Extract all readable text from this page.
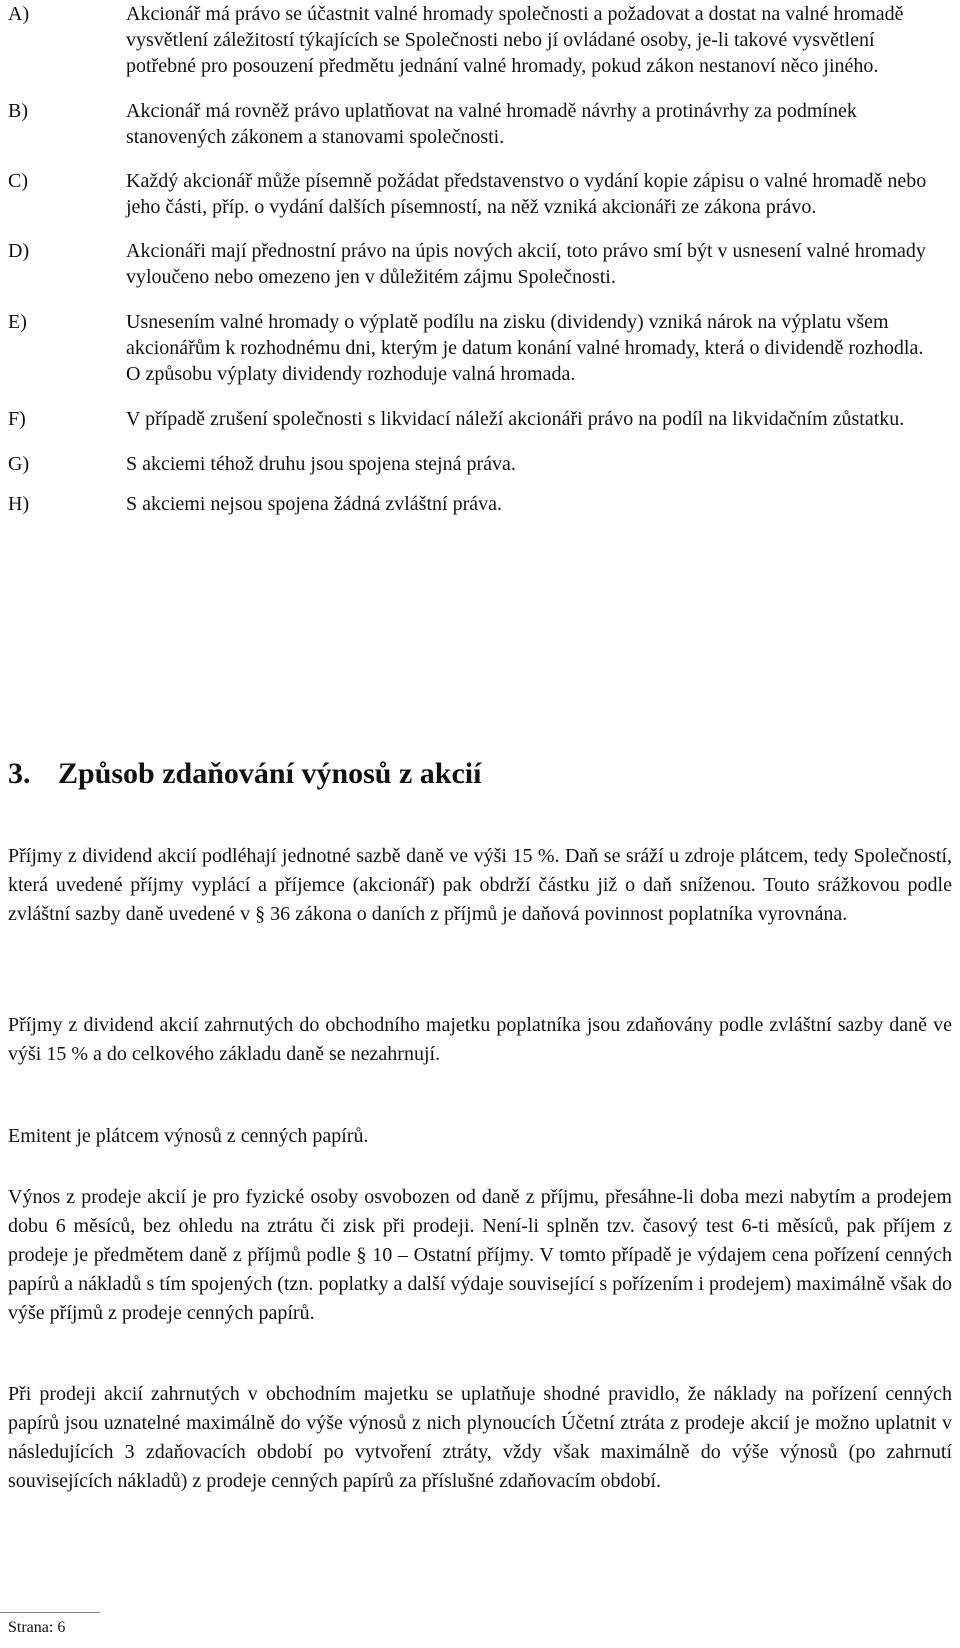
A)	Akcionář má právo se účastnit valné hromady společnosti a požadovat a dostat na valné hromadě vysvětlení záležitostí týkajících se Společnosti nebo jí ovládané osoby, je-li takové vysvětlení potřebné pro posouzení předmětu jednání valné hromady, pokud zákon nestanoví něco jiného.
B)	Akcionář má rovněž právo uplatňovat na valné hromadě návrhy a protinávrhy za podmínek stanovených zákonem a stanovami společnosti.
C)	Každý akcionář může písemně požádat představenstvo o vydání kopie zápisu o valné hromadě nebo jeho části, příp. o vydání dalších písemností, na něž vzniká akcionáři ze zákona právo.
D)	Akcionáři mají přednostní právo na úpis nových akcií, toto právo smí být v usnesení valné hromady vyloučeno nebo omezeno jen v důležitém zájmu Společnosti.
E)	Usnesením valné hromady o výplatě podílu na zisku (dividendy) vzniká nárok na výplatu všem akcionářům k rozhodnému dni, kterým je datum konání valné hromady, která o dividendě rozhodla. O způsobu výplaty dividendy rozhoduje valná hromada.
F)	V případě zrušení společnosti s likvidací náleží akcionáři právo na podíl na likvidačním zůstatku.
G)	S akciemi téhož druhu jsou spojena stejná práva.
H)	S akciemi nejsou spojena žádná zvláštní práva.
3. Způsob zdaňování výnosů z akcií

Příjmy z dividend akcií podléhají jednotné sazbě daně ve výši 15 %. Daň se sráží u zdroje plátcem, tedy Společností, která uvedené příjmy vyplácí a příjemce (akcionář) pak obdrží částku již o daň sníženou. Touto srážkovou podle zvláštní sazby daně uvedené v § 36 zákona o daních z příjmů je daňová povinnost poplatníka vyrovnána.

Příjmy z dividend akcií zahrnutých do obchodního majetku poplatníka jsou zdaňovány podle zvláštní sazby daně ve výši 15 % a do celkového základu daně se nezahrnují.

Emitent je plátcem výnosů z cenných papírů.

Výnos z prodeje akcií je pro fyzické osoby osvobozen od daně z příjmu, přesáhne-li doba mezi nabytím a prodejem dobu 6 měsíců, bez ohledu na ztrátu či zisk při prodeji. Není-li splněn tzv. časový test 6-ti měsíců, pak příjem z prodeje je předmětem daně z příjmů podle § 10 – Ostatní příjmy. V tomto případě je výdajem cena pořízení cenných papírů a nákladů s tím spojených (tzn. poplatky a další výdaje související s pořízením i prodejem) maximálně však do výše příjmů z prodeje cenných papírů.

Při prodeji akcií zahrnutých v obchodním majetku se uplatňuje shodné pravidlo, že náklady na pořízení cenných papírů jsou uznatelné maximálně do výše výnosů z nich plynoucích Účetní ztráta z prodeje akcií je možno uplatnit v následujících 3 zdaňovacích období po vytvoření ztráty, vždy však maximálně do výše výnosů (po zahrnutí souvisejících nákladů) z prodeje cenných papírů za příslušné zdaňovacím období.

Strana: 6
